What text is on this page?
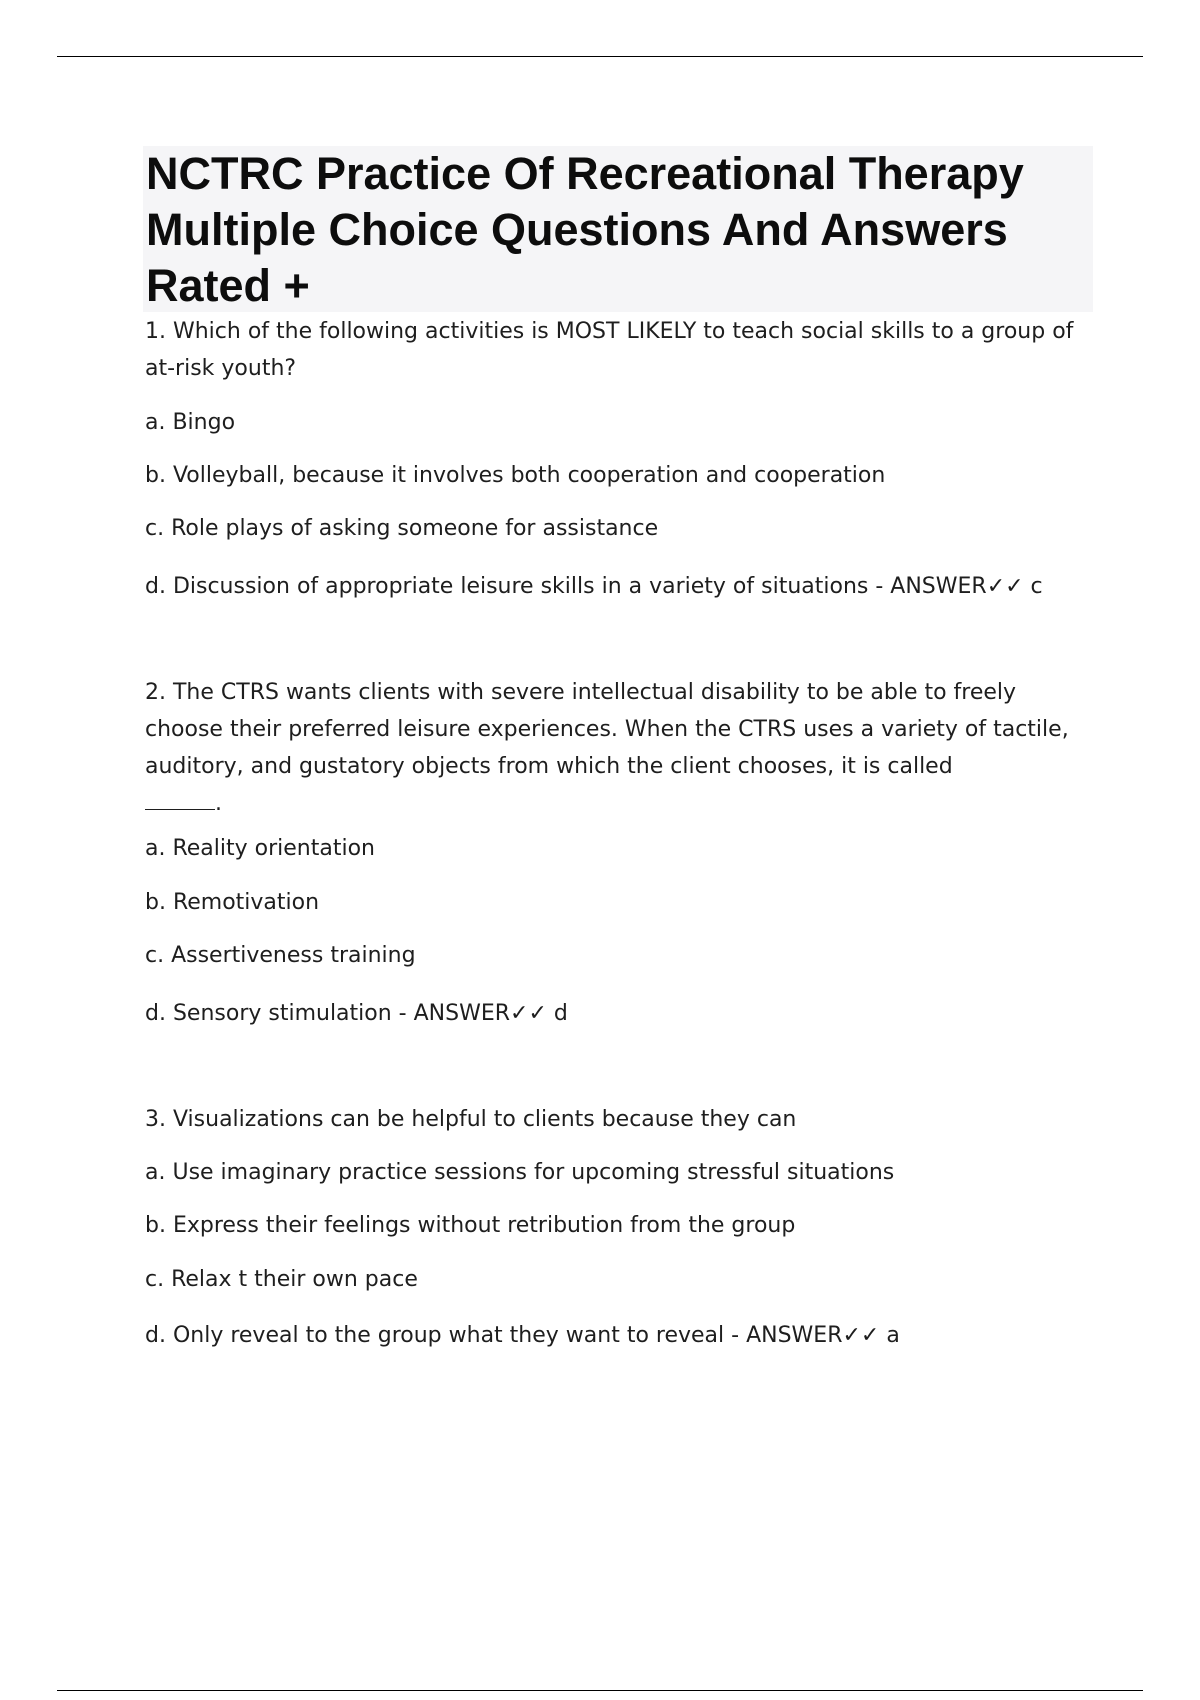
NCTRC Practice Of Recreational Therapy Multiple Choice Questions And Answers Rated +

1. Which of the following activities is MOST LIKELY to teach social skills to a group of at-risk youth?

a. Bingo

b. Volleyball, because it involves both cooperation and cooperation

c. Role plays of asking someone for assistance

d. Discussion of appropriate leisure skills in a variety of situations - ANSWER✓✓ c

2. The CTRS wants clients with severe intellectual disability to be able to freely choose their preferred leisure experiences. When the CTRS uses a variety of tactile, auditory, and gustatory objects from which the client chooses, it is called
.

a. Reality orientation

b. Remotivation

c. Assertiveness training

d. Sensory stimulation - ANSWER✓✓ d

3. Visualizations can be helpful to clients because they can

a. Use imaginary practice sessions for upcoming stressful situations

b. Express their feelings without retribution from the group

c. Relax t their own pace

d. Only reveal to the group what they want to reveal - ANSWER✓✓ a
